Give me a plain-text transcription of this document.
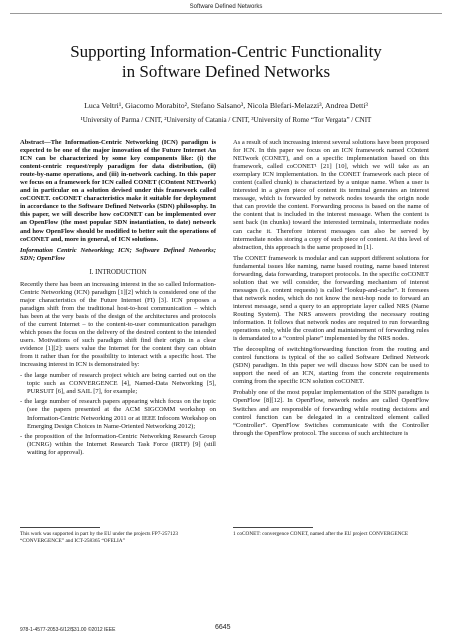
Software Defined Networks
Supporting Information-Centric Functionality
in Software Defined Networks
Luca Veltri¹, Giacomo Morabito², Stefano Salsano³, Nicola Blefari-Melazzi³, Andrea Detti³
¹University of Parma / CNIT, ²University of Catania / CNIT, ³University of Rome “Tor Vergata” / CNIT

Abstract—The Information-Centric Networking (ICN) paradigm is expected to be one of the major innovation of the Future Internet An ICN can be characterized by some key components like: (i) the content-centric request/reply paradigm for data distribution, (ii) route-by-name operations, and (iii) in-network caching. In this paper we focus on a framework for ICN called CONET (COntent NETwork) and in particular on a solution devised under this framework called coCONET. coCONET characteristics make it suitable for deployment in accordance to the Software Defined Networks (SDN) philosophy. In this paper, we will describe how coCONET can be implemented over an OpenFlow (the most popular SDN instantiation, to date) network and how OpenFlow should be modified to better suit the operations of coCONET and, more in general, of ICN solutions.

Information Centric Networking; ICN; Software Defined Networks; SDN; OpenFlow

I. INTRODUCTION

Recently there has been an increasing interest in the so called Information-Centric Networking (ICN) paradigm [1][2] which is considered one of the major characteristics of the Future Internet (FI) [3]. ICN proposes a paradigm shift from the traditional host-to-host communication – which has been at the very basis of the design of the architectures and protocols of the current Internet – to the content-to-user communication paradigm which poses the focus on the delivery of the desired content to the intended users. Motivations of such paradigm shift find their origin in a clear evidence [1][2]: users value the Internet for the content they can obtain from it rather than for the possibility to interact with a specific host. The increasing interest in ICN is demonstrated by:

- the large number of research project which are being carried out on the topic such as CONVERGENCE [4], Named-Data Networking [5], PURSUIT [6], and SAIL [7], for example;
- the large number of research papers appearing which focus on the topic (see the papers presented at the ACM SIGCOMM workshop on Information-Centric Networking 2011 or at IEEE Infocom Workshop on Emerging Design Choices in Name-Oriented Networking 2012);
- the proposition of the Information-Centric Networking Research Group (ICNRG) within the Internet Research Task Force (IRTF) [9] (still waiting for approval).

As a result of such increasing interest several solutions have been proposed for ICN. In this paper we focus on an ICN framework named COntent NETwork (CONET), and on a specific implementation based on this framework, called coCONET¹ [21] [10], which we will take as an exemplary ICN implementation. In the CONET framework each piece of content (called chunk) is characterized by a unique name. When a user is interested in a given piece of content its terminal generates an interest message, which is forwarded by network nodes towards the origin node that can provide the content. Forwarding process is based on the name of the content that is included in the interest message. When the content is sent back (in chunks) toward the interested terminals, intermediate nodes can cache it. Therefore interest messages can also be served by intermediate nodes storing a copy of such piece of content. At this level of abstraction, this approach is the same proposed in [1].

The CONET framework is modular and can support different solutions for fundamental issues like naming, name based routing, name based interest forwarding, data forwarding, transport protocols. In the specific coCONET solution that we will consider, the forwarding mechanism of interest messages (i.e. content requests) is called “lookup-and-cache”. It foresees that network nodes, which do not know the next-hop node to forward an interest message, send a query to an appropriate layer called NRS (Name Routing System). The NRS answers providing the necessary routing information. It follows that network nodes are required to run forwarding operations only, while the creation and maintainement of forwarding rules is demandated to a “control plane” implemented by the NRS nodes.

The decoupling of switching/forwarding function from the routing and control functions is typical of the so called Software Defined Network (SDN) paradigm. In this paper we will discuss how SDN can be used to support the need of an ICN, starting from the concrete requirements coming from the specific ICN solution coCONET.

Probably one of the most popular implementation of the SDN paradigm is OpenFlow [8][12]. In OpenFlow, network nodes are called OpenFlow Switches and are responsible of forwarding while routing decisions and control function can be delegated in a centralized element called “Controller”. OpenFlow Switches communicate with the Controller through the OpenFlow protocol. The success of such architecture is

This work was supported in part by the EU under the projects FP7-257123 “CONVERGENCE” and ICT-258365 “OFELIA”
1 coCONET: convergence CONET, named after the EU project CONVERGENCE
978-1-4577-2053-6/12/$31.00 ©2012 IEEE	6645
